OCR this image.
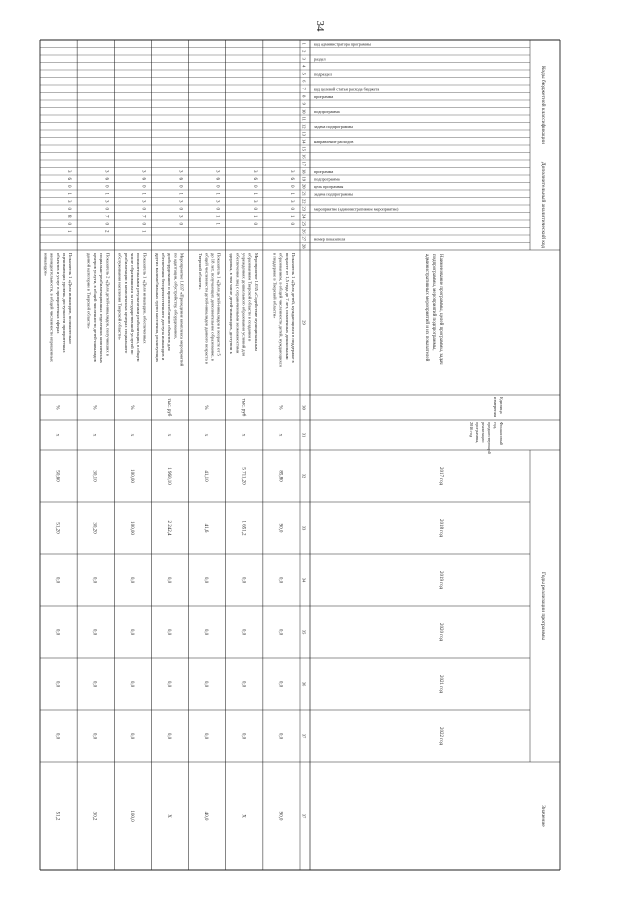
34
Коды бюджетной классификации
Дополнительный аналитический код
Годы реализации программы
Значение
код администратора программы
раздел
подраздел
код целевой статьи расхода бюджета
программа
подпрограмма
задача подпрограммы
направление расходов
программа
подпрограмма
цель программы
задача подпрограммы
мероприятие (административное мероприятие)
номер показателя
Наименование программы, целей программы, задачподпрограммы, мероприятий подпрограммы,административных мероприятий и их показателей
Единицаизмерения
Финансовыйгод,предшествующийреализациипрограммы,2016 год
2017 год
2018 год
2019 год
2020 год
2021 год
2022 год
1
2
3
4
5
6
7
8
9
10
11
12
13
14
15
16
17
18
19
20
21
22
23
24
25
26
27
28
29
30
31
32
33
34
35
36
37
37
3
6
0
1
3
0
1
0
Показатель 1 «Доля детей, нуждающихся в поддержке ввозрасте от 1,5 года до 7 лет, охваченных дошкольнымобразованием, в общей численности детей, нуждающихсяв поддержке в Тверской области»
%
х
85,80
90,0
0,0
0,0
0,0
0,0
90,0
3
6
0
1
3
0
1
0
Мероприятие 1.035 «Содействие муниципальнымобразованиям Тверской области в создании вучреждениях дошкольного образования условий дляобеспечения лиц с ограниченными возможностямиздоровья, в том числе детей-инвалидов, доступом к
тыс. руб
х
5 711,20
1 651,2
0,0
0,0
0,0
0,0
Х
3
6
0
1
3
0
1
1
Показатель 1 «Доля детей-инвалидов в возрасте от 5до 18 лет, получающих дополнительное образование, вобщей численности детей-инвалидов данного возраста вТверской области»
%
х
41,10
41,6
0,0
0,0
0,0
0,0
40,0
3
6
0
1
3
0
3
0
Мероприятие 1.037 «Проведение комплекса мероприятийпо адаптации, обустройству, оборудованию,дооборудованию и приспособлению объектов дляобеспечения беспрепятственного доступа инвалидов идругих маломобильных групп населения, реализующих
тыс. руб
х
1 960,10
2 242,4
0,0
0,0
0,0
0,0
Х
3
6
0
1
3
0
7
0
1
Показатель 1 «Доля инвалидов, обеспеченныхположительными результатами реабилитации, в общемчисле обратившихся за государственной услугой пореабилитации в комплексных центрах социальногообслуживания населения Тверской области»
%
х
100,00
100,00
0,0
0,0
0,0
0,0
100,0
3
6
0
1
3
0
7
0
2
Показатель 2 «Доля детей-инвалидов, получивших всоциально-реабилитационных отделениях комплексныхцентров услуги, в общей численности детей-инвалидовданной категории в Тверской области»
%
х
30,10
30,20
0,0
0,0
0,0
0,0
30,2
3
6
0
1
3
0
8
0
1
Показатель 1 «Доля инвалидов, положительнооценивающих уровень доступности приоритетныхобъектов и услуг в приоритетных сферахжизнедеятельности, в общей численности опрошенныхинвалидов»
%
х
50,60
51,20
0,0
0,0
0,0
0,0
51,2
